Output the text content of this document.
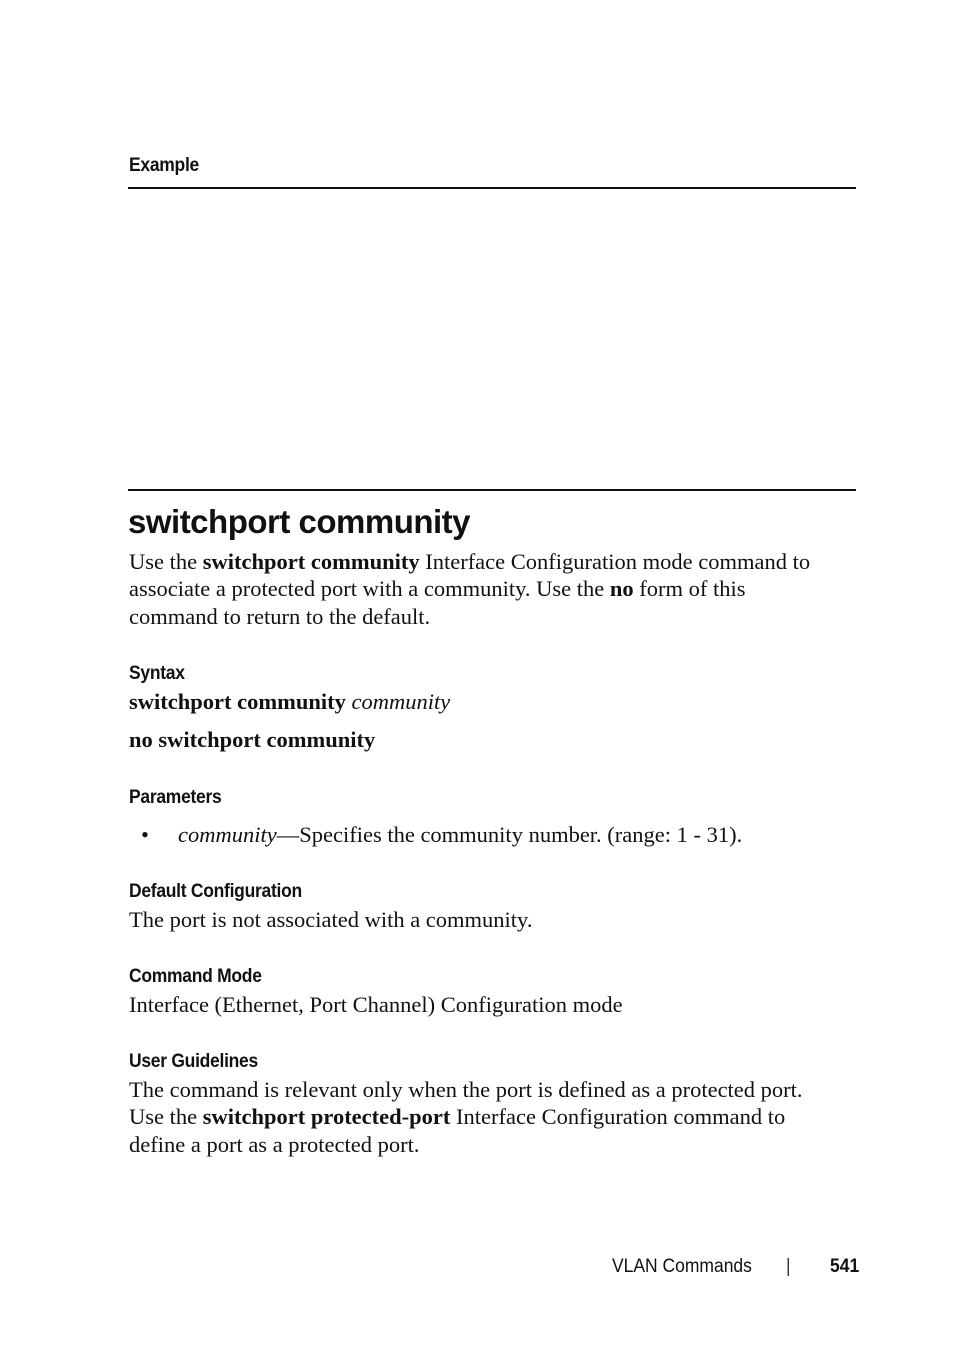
Example
switchport community
Use the switchport community Interface Configuration mode command to
associate a protected port with a community. Use the no form of this
command to return to the default.
Syntax
switchport community community
no switchport community
Parameters
• community—Specifies the community number. (range: 1 - 31).
Default Configuration
The port is not associated with a community.
Command Mode
Interface (Ethernet, Port Channel) Configuration mode
User Guidelines
The command is relevant only when the port is defined as a protected port.
Use the switchport protected-port Interface Configuration command to
define a port as a protected port.
VLAN Commands | 541
